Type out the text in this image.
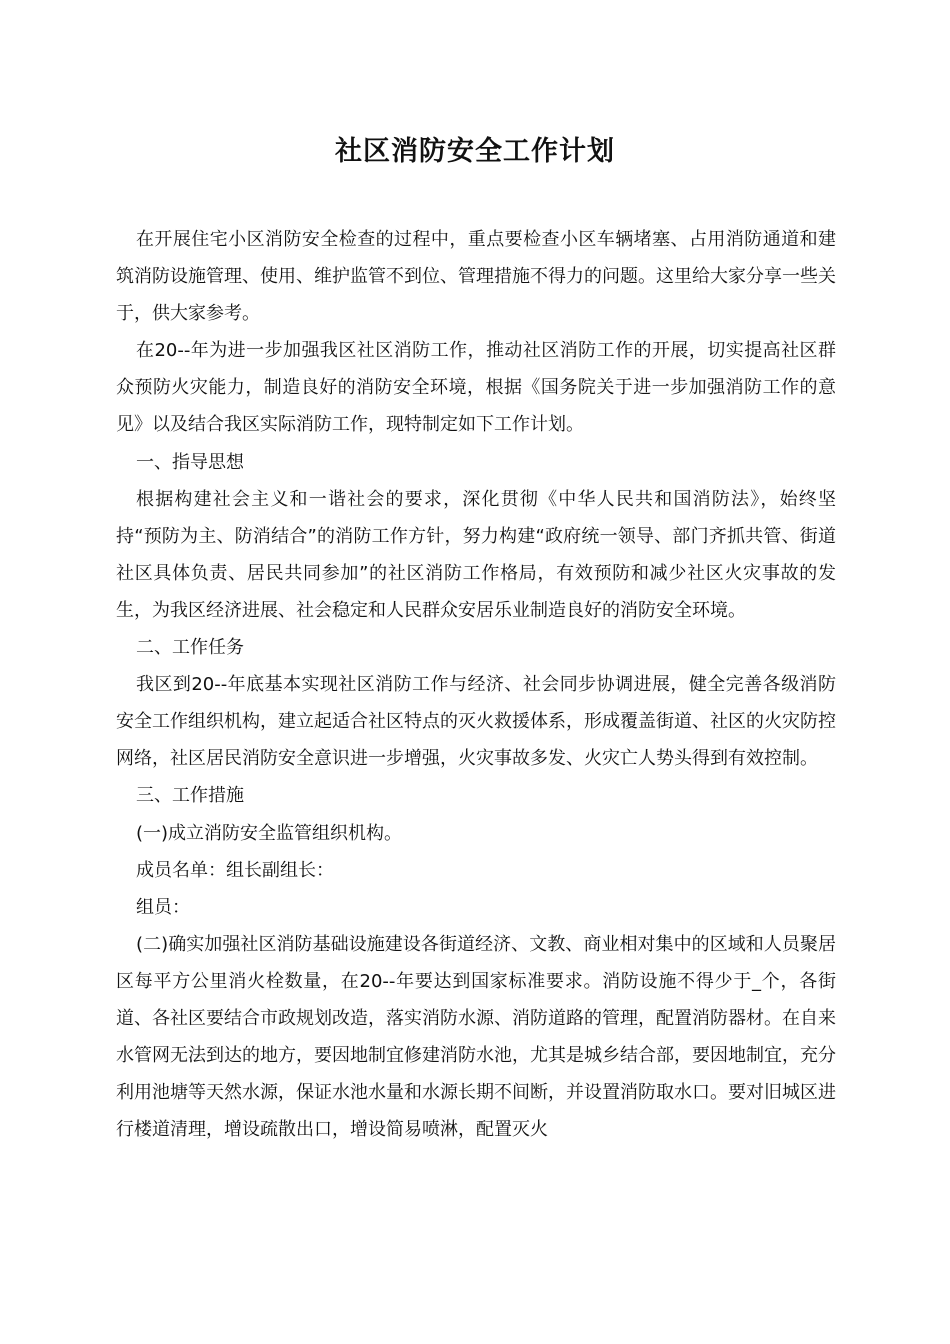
社区消防安全工作计划

在开展住宅小区消防安全检查的过程中，重点要检查小区车辆堵塞、占用消防通道和建筑消防设施管理、使用、维护监管不到位、管理措施不得力的问题。这里给大家分享一些关于，供大家参考。

在20--年为进一步加强我区社区消防工作，推动社区消防工作的开展，切实提高社区群众预防火灾能力，制造良好的消防安全环境，根据《国务院关于进一步加强消防工作的意见》以及结合我区实际消防工作，现特制定如下工作计划。

一、指导思想

根据构建社会主义和一谐社会的要求，深化贯彻《中华人民共和国消防法》，始终坚持“预防为主、防消结合”的消防工作方针，努力构建“政府统一领导、部门齐抓共管、街道社区具体负责、居民共同参加”的社区消防工作格局，有效预防和减少社区火灾事故的发生，为我区经济进展、社会稳定和人民群众安居乐业制造良好的消防安全环境。

二、工作任务

我区到20--年底基本实现社区消防工作与经济、社会同步协调进展，健全完善各级消防安全工作组织机构，建立起适合社区特点的灭火救援体系，形成覆盖街道、社区的火灾防控网络，社区居民消防安全意识进一步增强，火灾事故多发、火灾亡人势头得到有效控制。

三、工作措施

(一)成立消防安全监管组织机构。

成员名单：组长副组长：

组员：

(二)确实加强社区消防基础设施建设各街道经济、文教、商业相对集中的区域和人员聚居区每平方公里消火栓数量，在20--年要达到国家标准要求。消防设施不得少于_个，各街道、各社区要结合市政规划改造，落实消防水源、消防道路的管理，配置消防器材。在自来水管网无法到达的地方，要因地制宜修建消防水池，尤其是城乡结合部，要因地制宜，充分利用池塘等天然水源，保证水池水量和水源长期不间断，并设置消防取水口。要对旧城区进行楼道清理，增设疏散出口，增设简易喷淋，配置灭火
